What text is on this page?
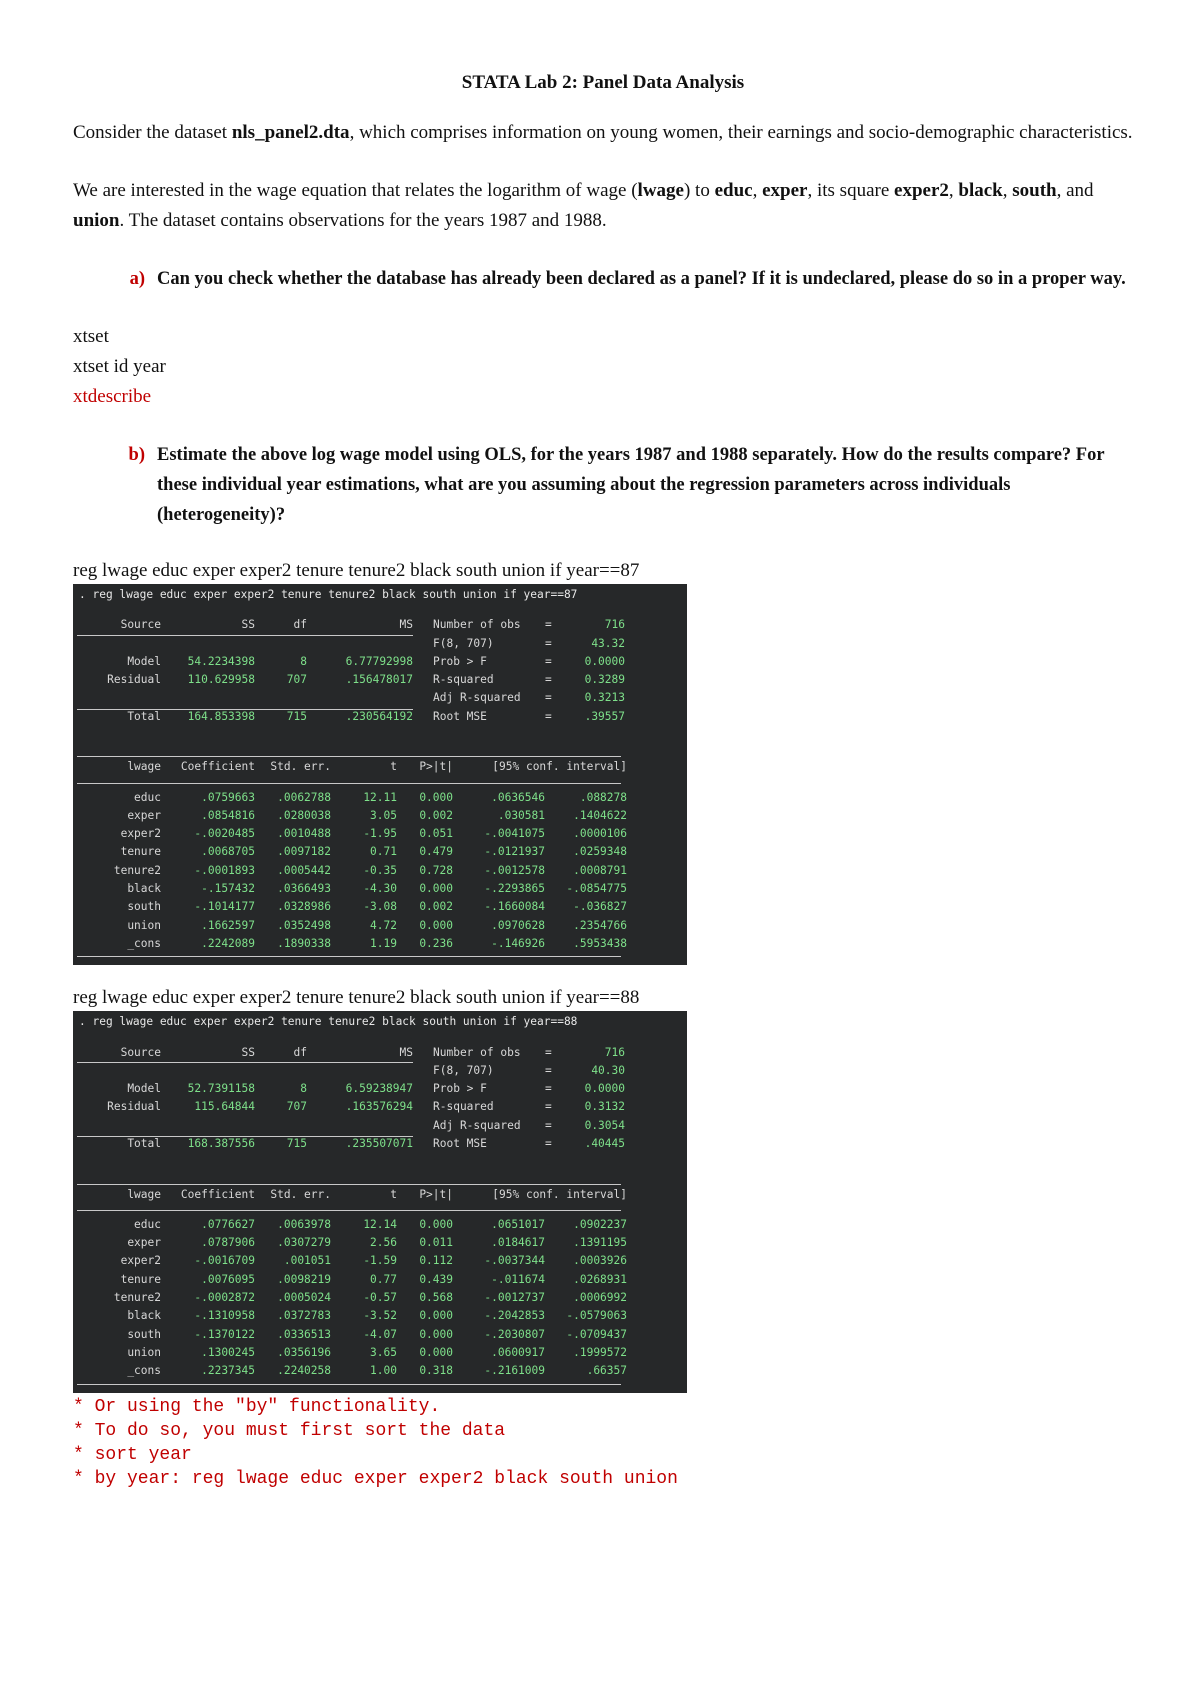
STATA Lab 2: Panel Data Analysis

Consider the dataset nls_panel2.dta, which comprises information on young women, their earnings and socio-demographic characteristics.

We are interested in the wage equation that relates the logarithm of wage (lwage) to educ, exper, its square exper2, black, south, and union. The dataset contains observations for the years 1987 and 1988.

a) Can you check whether the database has already been declared as a panel? If it is undeclared, please do so in a proper way.
xtset
xtset id year
xtdescribe
b) Estimate the above log wage model using OLS, for the years 1987 and 1988 separately. How do the results compare? For these individual year estimations, what are you assuming about the regression parameters across individuals (heterogeneity)?

reg lwage educ exper exper2 tenure tenure2 black south union if year==87

. reg lwage educ exper exper2 tenure tenure2 black south union if year==87
Source	SS	df	MS Number of obs =	716
F(8, 707)	=	43.32
Model	54.2234398	8	6.77792998 Prob > F	=	0.0000
Residual	110.629958	707	.156478017 R-squared	=	0.3289
Adj R-squared =	0.3213
Total	164.853398	715	.230564192 Root MSE	=	.39557
lwage	Coefficient	Std. err.	t	P>|t|	[95% conf. interval]
educ	.0759663	.0062788	12.11	0.000	.0636546	.088278
exper	.0854816	.0280038	3.05	0.002	.030581	.1404622
exper2	-.0020485	.0010488	-1.95	0.051	-.0041075	.0000106
tenure	.0068705	.0097182	0.71	0.479	-.0121937	.0259348
tenure2	-.0001893	.0005442	-0.35	0.728	-.0012578	.0008791
black	-.157432	.0366493	-4.30	0.000	-.2293865	-.0854775
south	-.1014177	.0328986	-3.08	0.002	-.1660084	-.036827
union	.1662597	.0352498	4.72	0.000	.0970628	.2354766
_cons	.2242089	.1890338	1.19	0.236	-.146926	.5953438

reg lwage educ exper exper2 tenure tenure2 black south union if year==88

. reg lwage educ exper exper2 tenure tenure2 black south union if year==88
Source	SS	df	MS Number of obs =	716
F(8, 707)	=	40.30
Model	52.7391158	8	6.59238947 Prob > F	=	0.0000
Residual	115.64844	707	.163576294 R-squared	=	0.3132
Adj R-squared =	0.3054
Total	168.387556	715	.235507071 Root MSE	=	.40445
lwage	Coefficient	Std. err.	t	P>|t|	[95% conf. interval]
educ	.0776627	.0063978	12.14	0.000	.0651017	.0902237
exper	.0787906	.0307279	2.56	0.011	.0184617	.1391195
exper2	-.0016709	.001051	-1.59	0.112	-.0037344	.0003926
tenure	.0076095	.0098219	0.77	0.439	-.011674	.0268931
tenure2	-.0002872	.0005024	-0.57	0.568	-.0012737	.0006992
black	-.1310958	.0372783	-3.52	0.000	-.2042853	-.0579063
south	-.1370122	.0336513	-4.07	0.000	-.2030807	-.0709437
union	.1300245	.0356196	3.65	0.000	.0600917	.1999572
_cons	.2237345	.2240258	1.00	0.318	-.2161009	.66357

* Or using the "by" functionality.

* To do so, you must first sort the data

* sort year

* by year: reg lwage educ exper exper2 black south union
